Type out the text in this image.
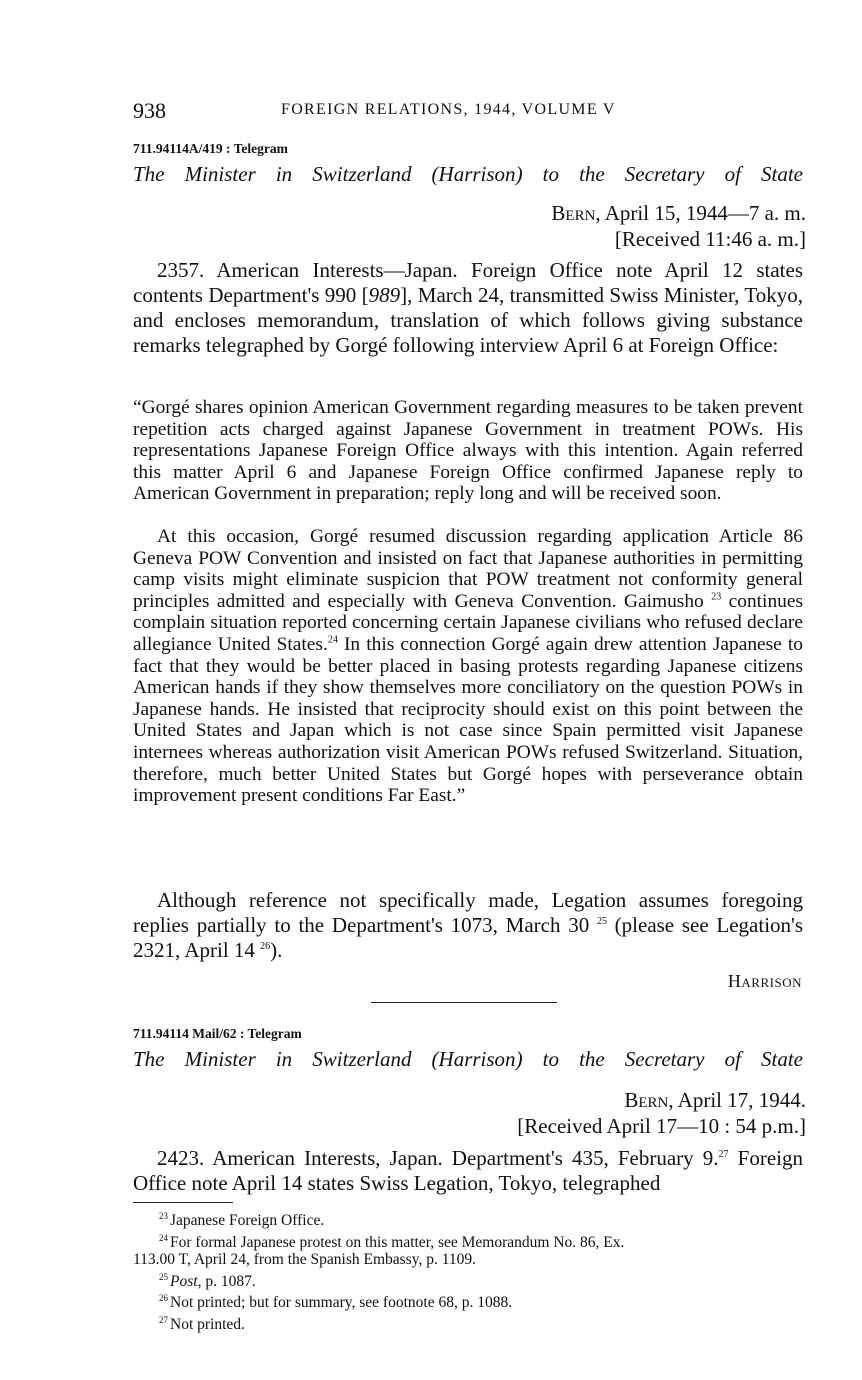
938	FOREIGN RELATIONS, 1944, VOLUME V
711.94114A/419 : Telegram
The Minister in Switzerland (Harrison) to the Secretary of State
Bern, April 15, 1944—7 a. m.
[Received 11:46 a. m.]

2357. American Interests—Japan. Foreign Office note April 12 states contents Department's 990 [989], March 24, transmitted Swiss Minister, Tokyo, and encloses memorandum, translation of which follows giving substance remarks telegraphed by Gorgé following interview April 6 at Foreign Office:

“Gorgé shares opinion American Government regarding measures to be taken prevent repetition acts charged against Japanese Government in treatment POWs. His representations Japanese Foreign Office always with this intention. Again referred this matter April 6 and Japanese Foreign Office confirmed Japanese reply to American Government in preparation; reply long and will be received soon.

At this occasion, Gorgé resumed discussion regarding application Article 86 Geneva POW Convention and insisted on fact that Japanese authorities in permitting camp visits might eliminate suspicion that POW treatment not conformity general principles admitted and especially with Geneva Convention. Gaimusho $^{23}$ continues complain situation reported concerning certain Japanese civilians who refused declare allegiance United States.$^{24}$ In this connection Gorgé again drew attention Japanese to fact that they would be better placed in basing protests regarding Japanese citizens American hands if they show themselves more conciliatory on the question POWs in Japanese hands. He insisted that reciprocity should exist on this point between the United States and Japan which is not case since Spain permitted visit Japanese internees whereas authorization visit American POWs refused Switzerland. Situation, therefore, much better United States but Gorgé hopes with perseverance obtain improvement present conditions Far East.”

Although reference not specifically made, Legation assumes foregoing replies partially to the Department's 1073, March 30 $^{25}$ (please see Legation's 2321, April 14 $^{26}$).

Harrison
711.94114 Mail/62 : Telegram
The Minister in Switzerland (Harrison) to the Secretary of State
Bern, April 17, 1944.
[Received April 17—10 : 54 p.m.]

2423. American Interests, Japan. Department's 435, February 9.27 Foreign Office note April 14 states Swiss Legation, Tokyo, telegraphed

$^{23}$ Japanese Foreign Office.

$^{24}$ For formal Japanese protest on this matter, see Memorandum No. 86, Ex.

113.00 T, April 24, from the Spanish Embassy, p. 1109.

$^{25}$ Post, p. 1087.

$^{26}$ Not printed; but for summary, see footnote 68, p. 1088.

$^{27}$ Not printed.
